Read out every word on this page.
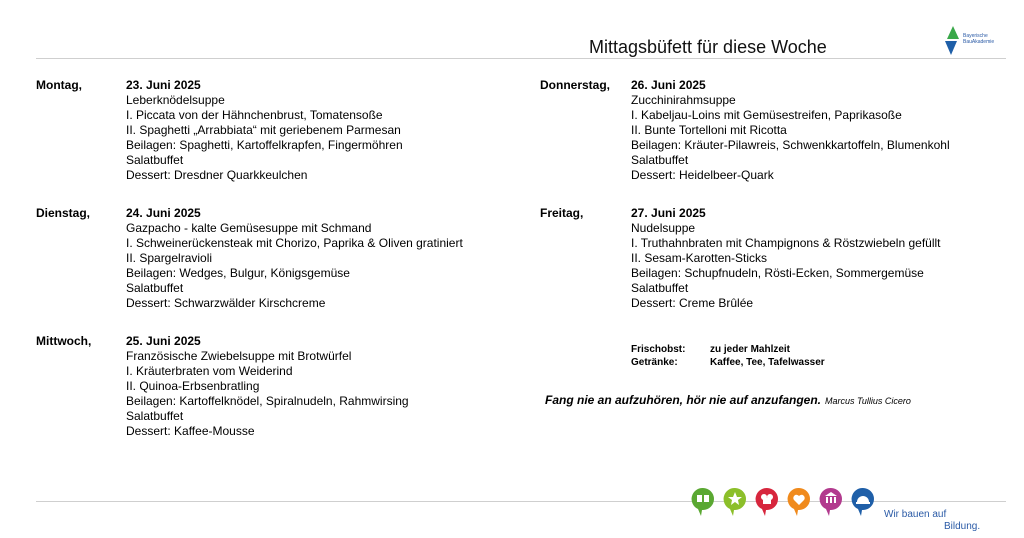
Mittagsbüfett für diese Woche
Bayerische
BauAkademie
Montag,	23. Juni 2025
Leberknödelsuppe
I. Piccata von der Hähnchenbrust, Tomatensoße
II. Spaghetti „Arrabbiata“ mit geriebenem Parmesan
Beilagen: Spaghetti, Kartoffelkrapfen, Fingermöhren
Salatbuffet
Dessert: Dresdner Quarkkeulchen
Dienstag,	24. Juni 2025
Gazpacho - kalte Gemüsesuppe mit Schmand
I. Schweinerückensteak mit Chorizo, Paprika & Oliven gratiniert
II. Spargelravioli
Beilagen: Wedges, Bulgur, Königsgemüse
Salatbuffet
Dessert: Schwarzwälder Kirschcreme
Mittwoch,	25. Juni 2025
Französische Zwiebelsuppe mit Brotwürfel
I. Kräuterbraten vom Weiderind
II. Quinoa-Erbsenbratling
Beilagen: Kartoffelknödel, Spiralnudeln, Rahmwirsing
Salatbuffet
Dessert: Kaffee-Mousse
Donnerstag, 26. Juni 2025
Zucchinirahmsuppe
I. Kabeljau-Loins mit Gemüsestreifen, Paprikasoße
II. Bunte Tortelloni mit Ricotta
Beilagen: Kräuter-Pilawreis, Schwenkkartoffeln, Blumenkohl
Salatbuffet
Dessert: Heidelbeer-Quark
Freitag,	27. Juni 2025
Nudelsuppe
I. Truthahnbraten mit Champignons & Röstzwiebeln gefüllt
II. Sesam-Karotten-Sticks
Beilagen: Schupfnudeln, Rösti-Ecken, Sommergemüse
Salatbuffet
Dessert: Creme Brûlée
Frischobst: zu jeder Mahlzeit
Getränke:	Kaffee, Tee, Tafelwasser
Fang nie an aufzuhören, hör nie auf anzufangen. Marcus Tullius Cicero
Wir bauen auf
Bildung.
